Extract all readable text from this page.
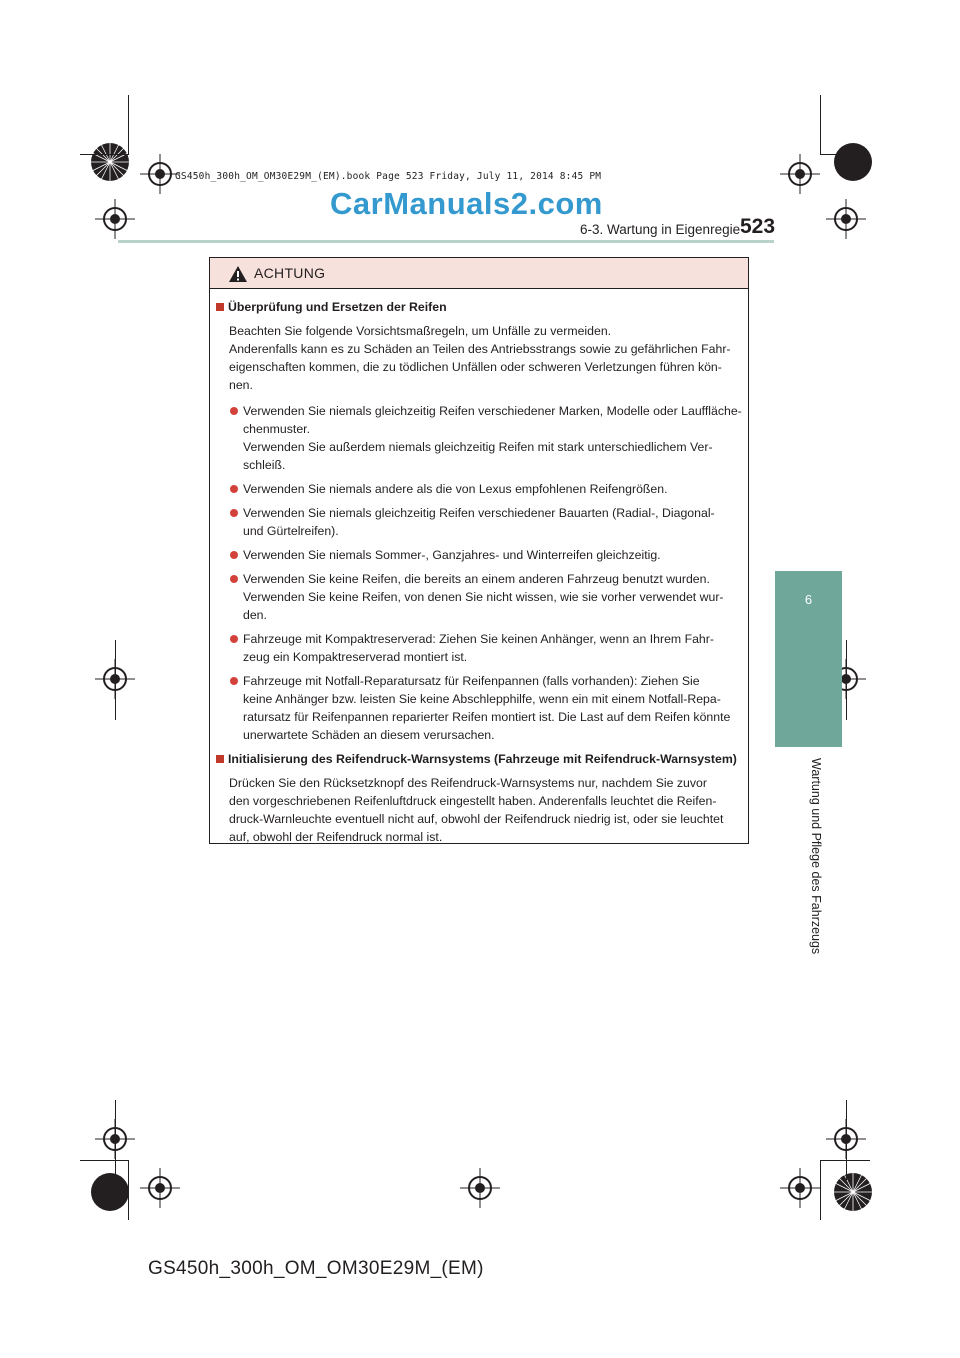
GS450h_300h_OM_OM30E29M_(EM).book Page 523 Friday, July 11, 2014 8:45 PM
CarManuals2.com
6-3. Wartung in Eigenregie 523
6
Wartung und Pflege des Fahrzeugs
ACHTUNG
Überprüfung und Ersetzen der Reifen
Beachten Sie folgende Vorsichtsmaßregeln, um Unfälle zu vermeiden.
Anderenfalls kann es zu Schäden an Teilen des Antriebsstrangs sowie zu gefährlichen Fahr-
eigenschaften kommen, die zu tödlichen Unfällen oder schweren Verletzungen führen kön-
nen.
Verwenden Sie niemals gleichzeitig Reifen verschiedener Marken, Modelle oder Lauffläche-
chenmuster.
Verwenden Sie außerdem niemals gleichzeitig Reifen mit stark unterschiedlichem Ver-
schleiß.
Verwenden Sie niemals andere als die von Lexus empfohlenen Reifengrößen.
Verwenden Sie niemals gleichzeitig Reifen verschiedener Bauarten (Radial-, Diagonal-
und Gürtelreifen).
Verwenden Sie niemals Sommer-, Ganzjahres- und Winterreifen gleichzeitig.
Verwenden Sie keine Reifen, die bereits an einem anderen Fahrzeug benutzt wurden.
Verwenden Sie keine Reifen, von denen Sie nicht wissen, wie sie vorher verwendet wur-
den.
Fahrzeuge mit Kompaktreserverad: Ziehen Sie keinen Anhänger, wenn an Ihrem Fahr-
zeug ein Kompaktreserverad montiert ist.
Fahrzeuge mit Notfall-Reparatursatz für Reifenpannen (falls vorhanden): Ziehen Sie
keine Anhänger bzw. leisten Sie keine Abschlepphilfe, wenn ein mit einem Notfall-Repa-
ratursatz für Reifenpannen reparierter Reifen montiert ist. Die Last auf dem Reifen könnte
unerwartete Schäden an diesem verursachen.
Initialisierung des Reifendruck-Warnsystems (Fahrzeuge mit Reifendruck-Warnsystem)
Drücken Sie den Rücksetzknopf des Reifendruck-Warnsystems nur, nachdem Sie zuvor
den vorgeschriebenen Reifenluftdruck eingestellt haben. Anderenfalls leuchtet die Reifen-
druck-Warnleuchte eventuell nicht auf, obwohl der Reifendruck niedrig ist, oder sie leuchtet
auf, obwohl der Reifendruck normal ist.
GS450h_300h_OM_OM30E29M_(EM)
